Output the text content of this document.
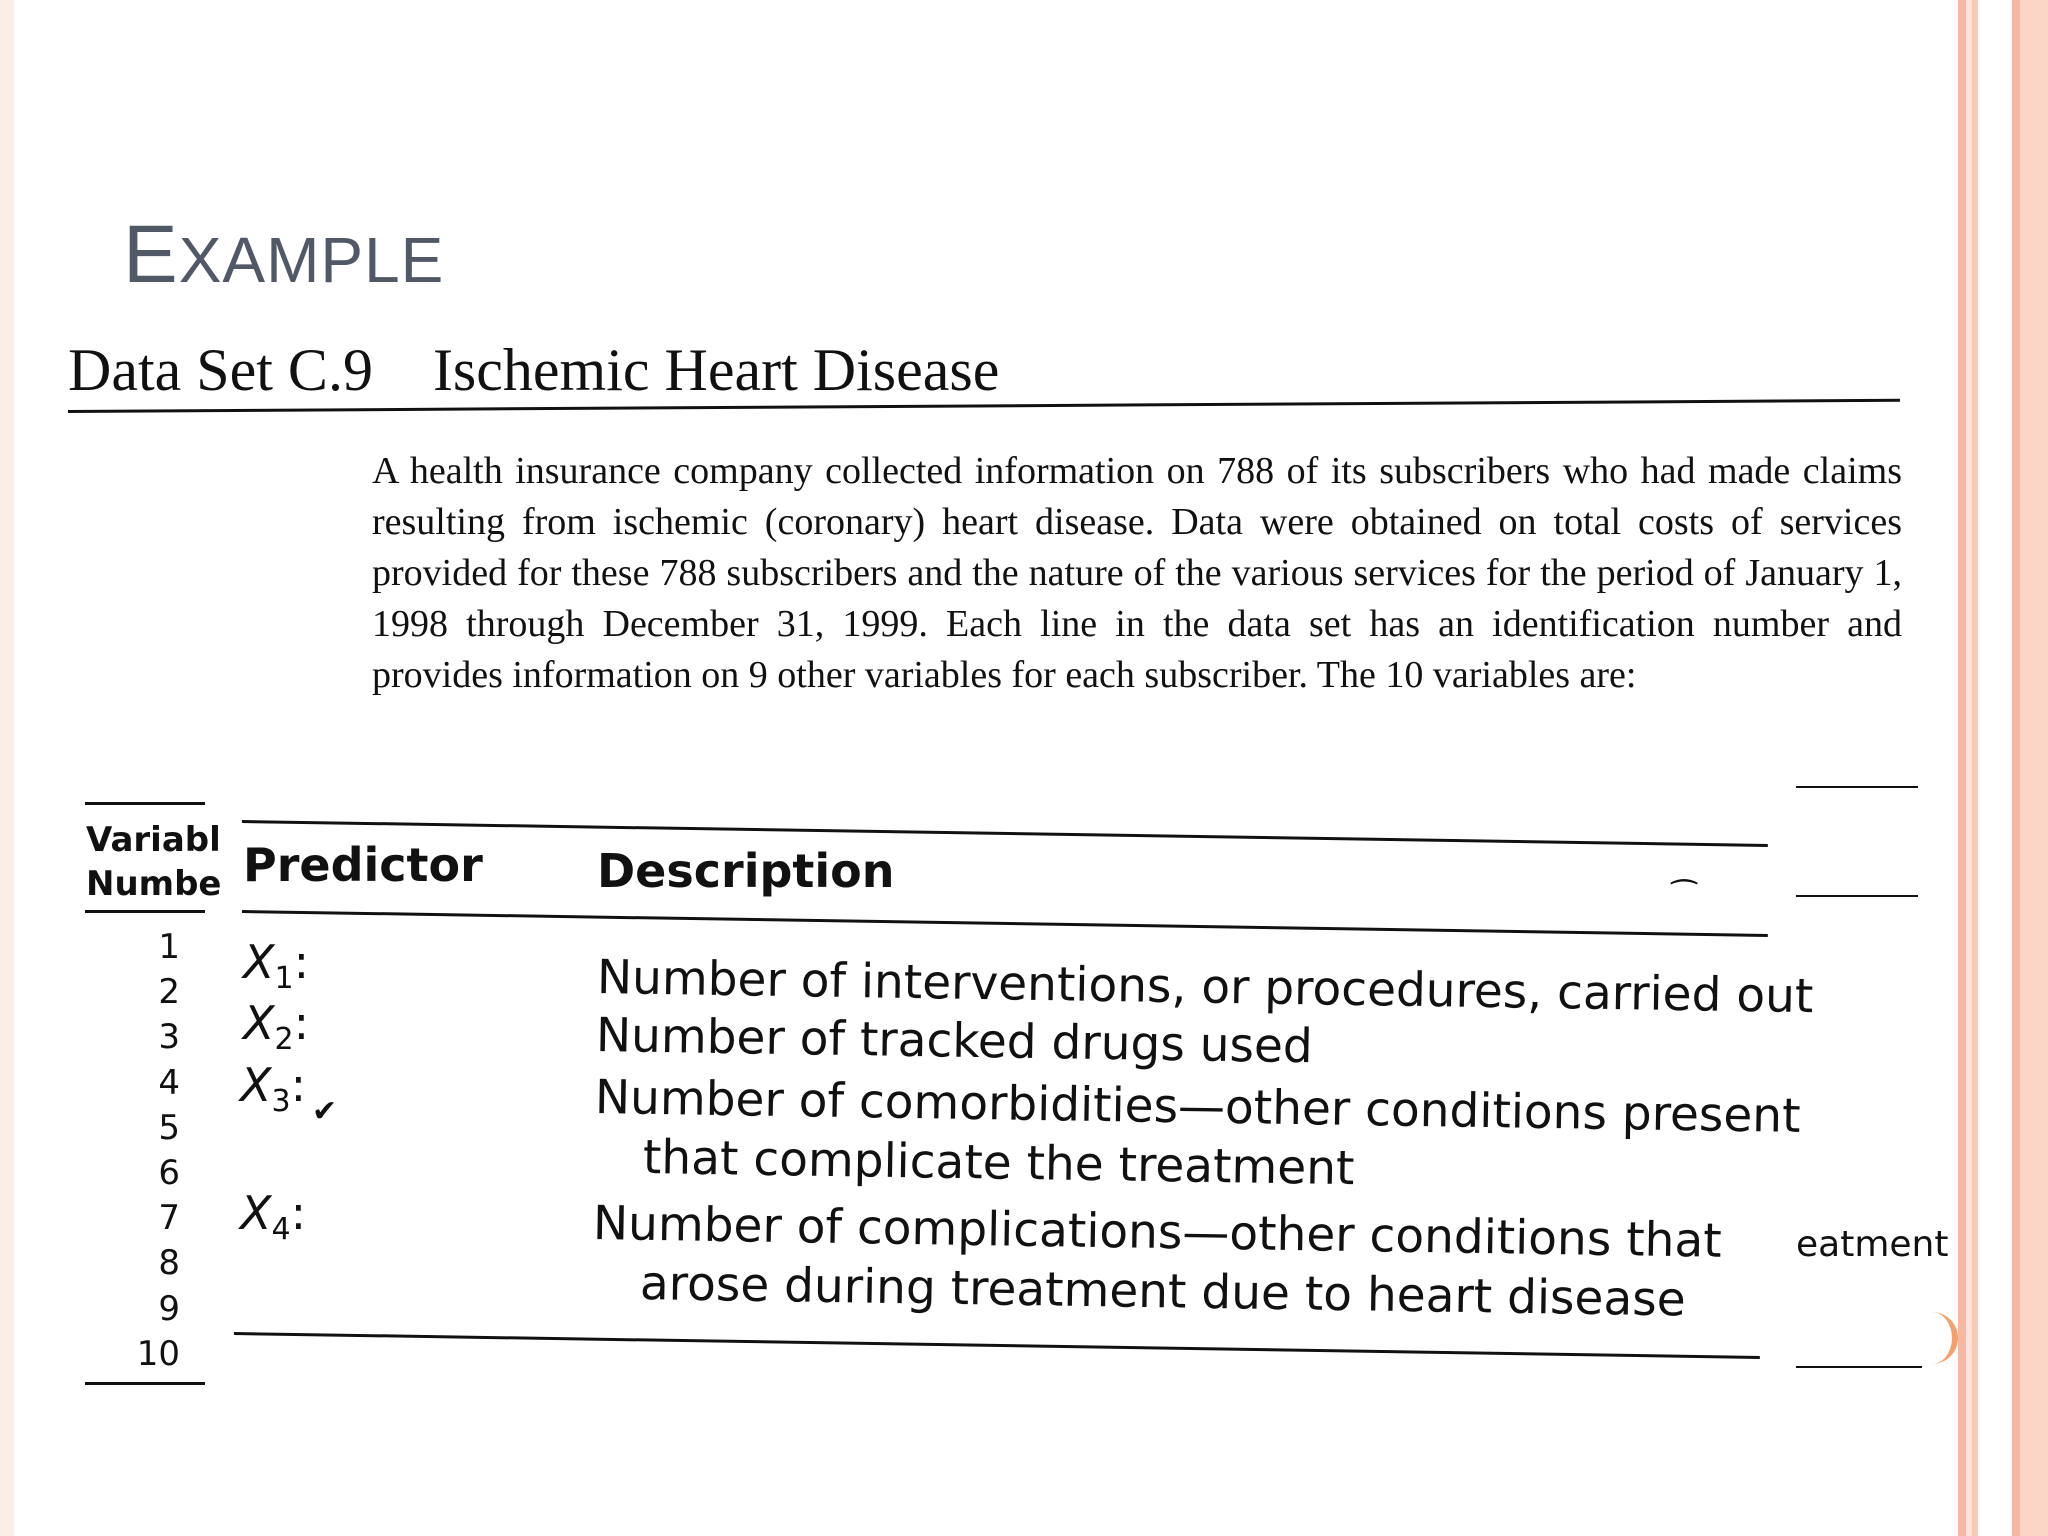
EXAMPLE
Data Set C.9 Ischemic Heart Disease
A health insurance company collected information on 788 of its subscribers who had made claims resulting from ischemic (coronary) heart disease. Data were obtained on total costs of services provided for these 788 subscribers and the nature of the various services for the period of January 1, 1998 through December 31, 1999. Each line in the data set has an identification number and provides information on 9 other variables for each subscriber. The 10 variables are:
Variabl
Numbe Predictor Description	⁀
1
2
3
4
5
6
7
8
9
10
$X_1$:
$X_2$:
$X_3$: ✔
$X_4$:
Number of interventions, or procedures, carried out
Number of tracked drugs used
Number of comorbidities—other conditions present
that complicate the treatment
Number of complications—other conditions that
arose during treatment due to heart disease
eatment
